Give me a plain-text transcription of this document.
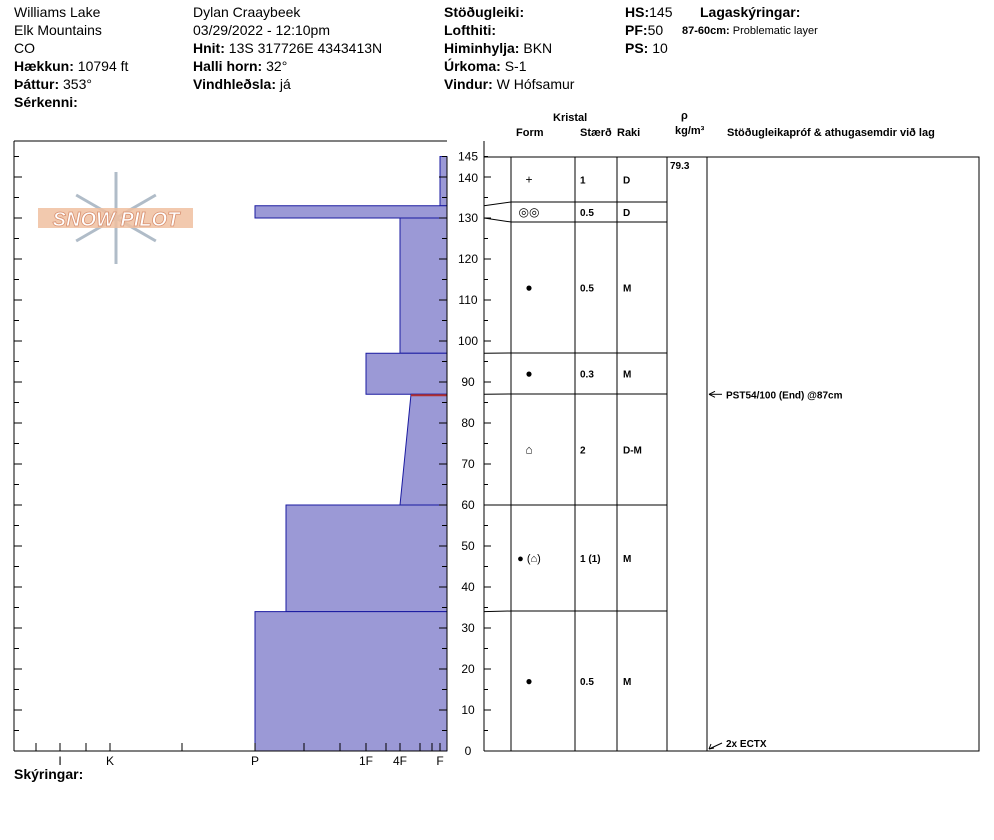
Williams Lake
Elk Mountains
CO
Hækkun: 10794 ft
Þáttur: 353°
Sérkenni:
Dylan Craaybeek
03/29/2022 - 12:10pm
Hnit: 13S 317726E 4343413N
Halli horn: 32°
Vindhleðsla: já
Stöðugleiki:
Lofthiti:
Himinhylja: BKN
Úrkoma: S-1
Vindur: W Hófsamur
HS:145
PF:50
PS: 10
Lagaskýringar:
87-60cm: Problematic layer
Kristal
Form	Stærð Raki
ρ
kg/m³ Stöðugleikapróf & athugasemdir við lag
Skýringar:
SNOW PILOT
I	K	P	1F 4F F
0
10
20
30
40
50
60
70
80
90
100
110
120
130
140
145
+	1	D
◎◎	0.5	D
●	0.5	M
●	0.3	M
⌂	2	D-M
● (⌂)	1 (1) M
●	0.5	M
79.3
PST54/100 (End) @87cm
2x ECTX
